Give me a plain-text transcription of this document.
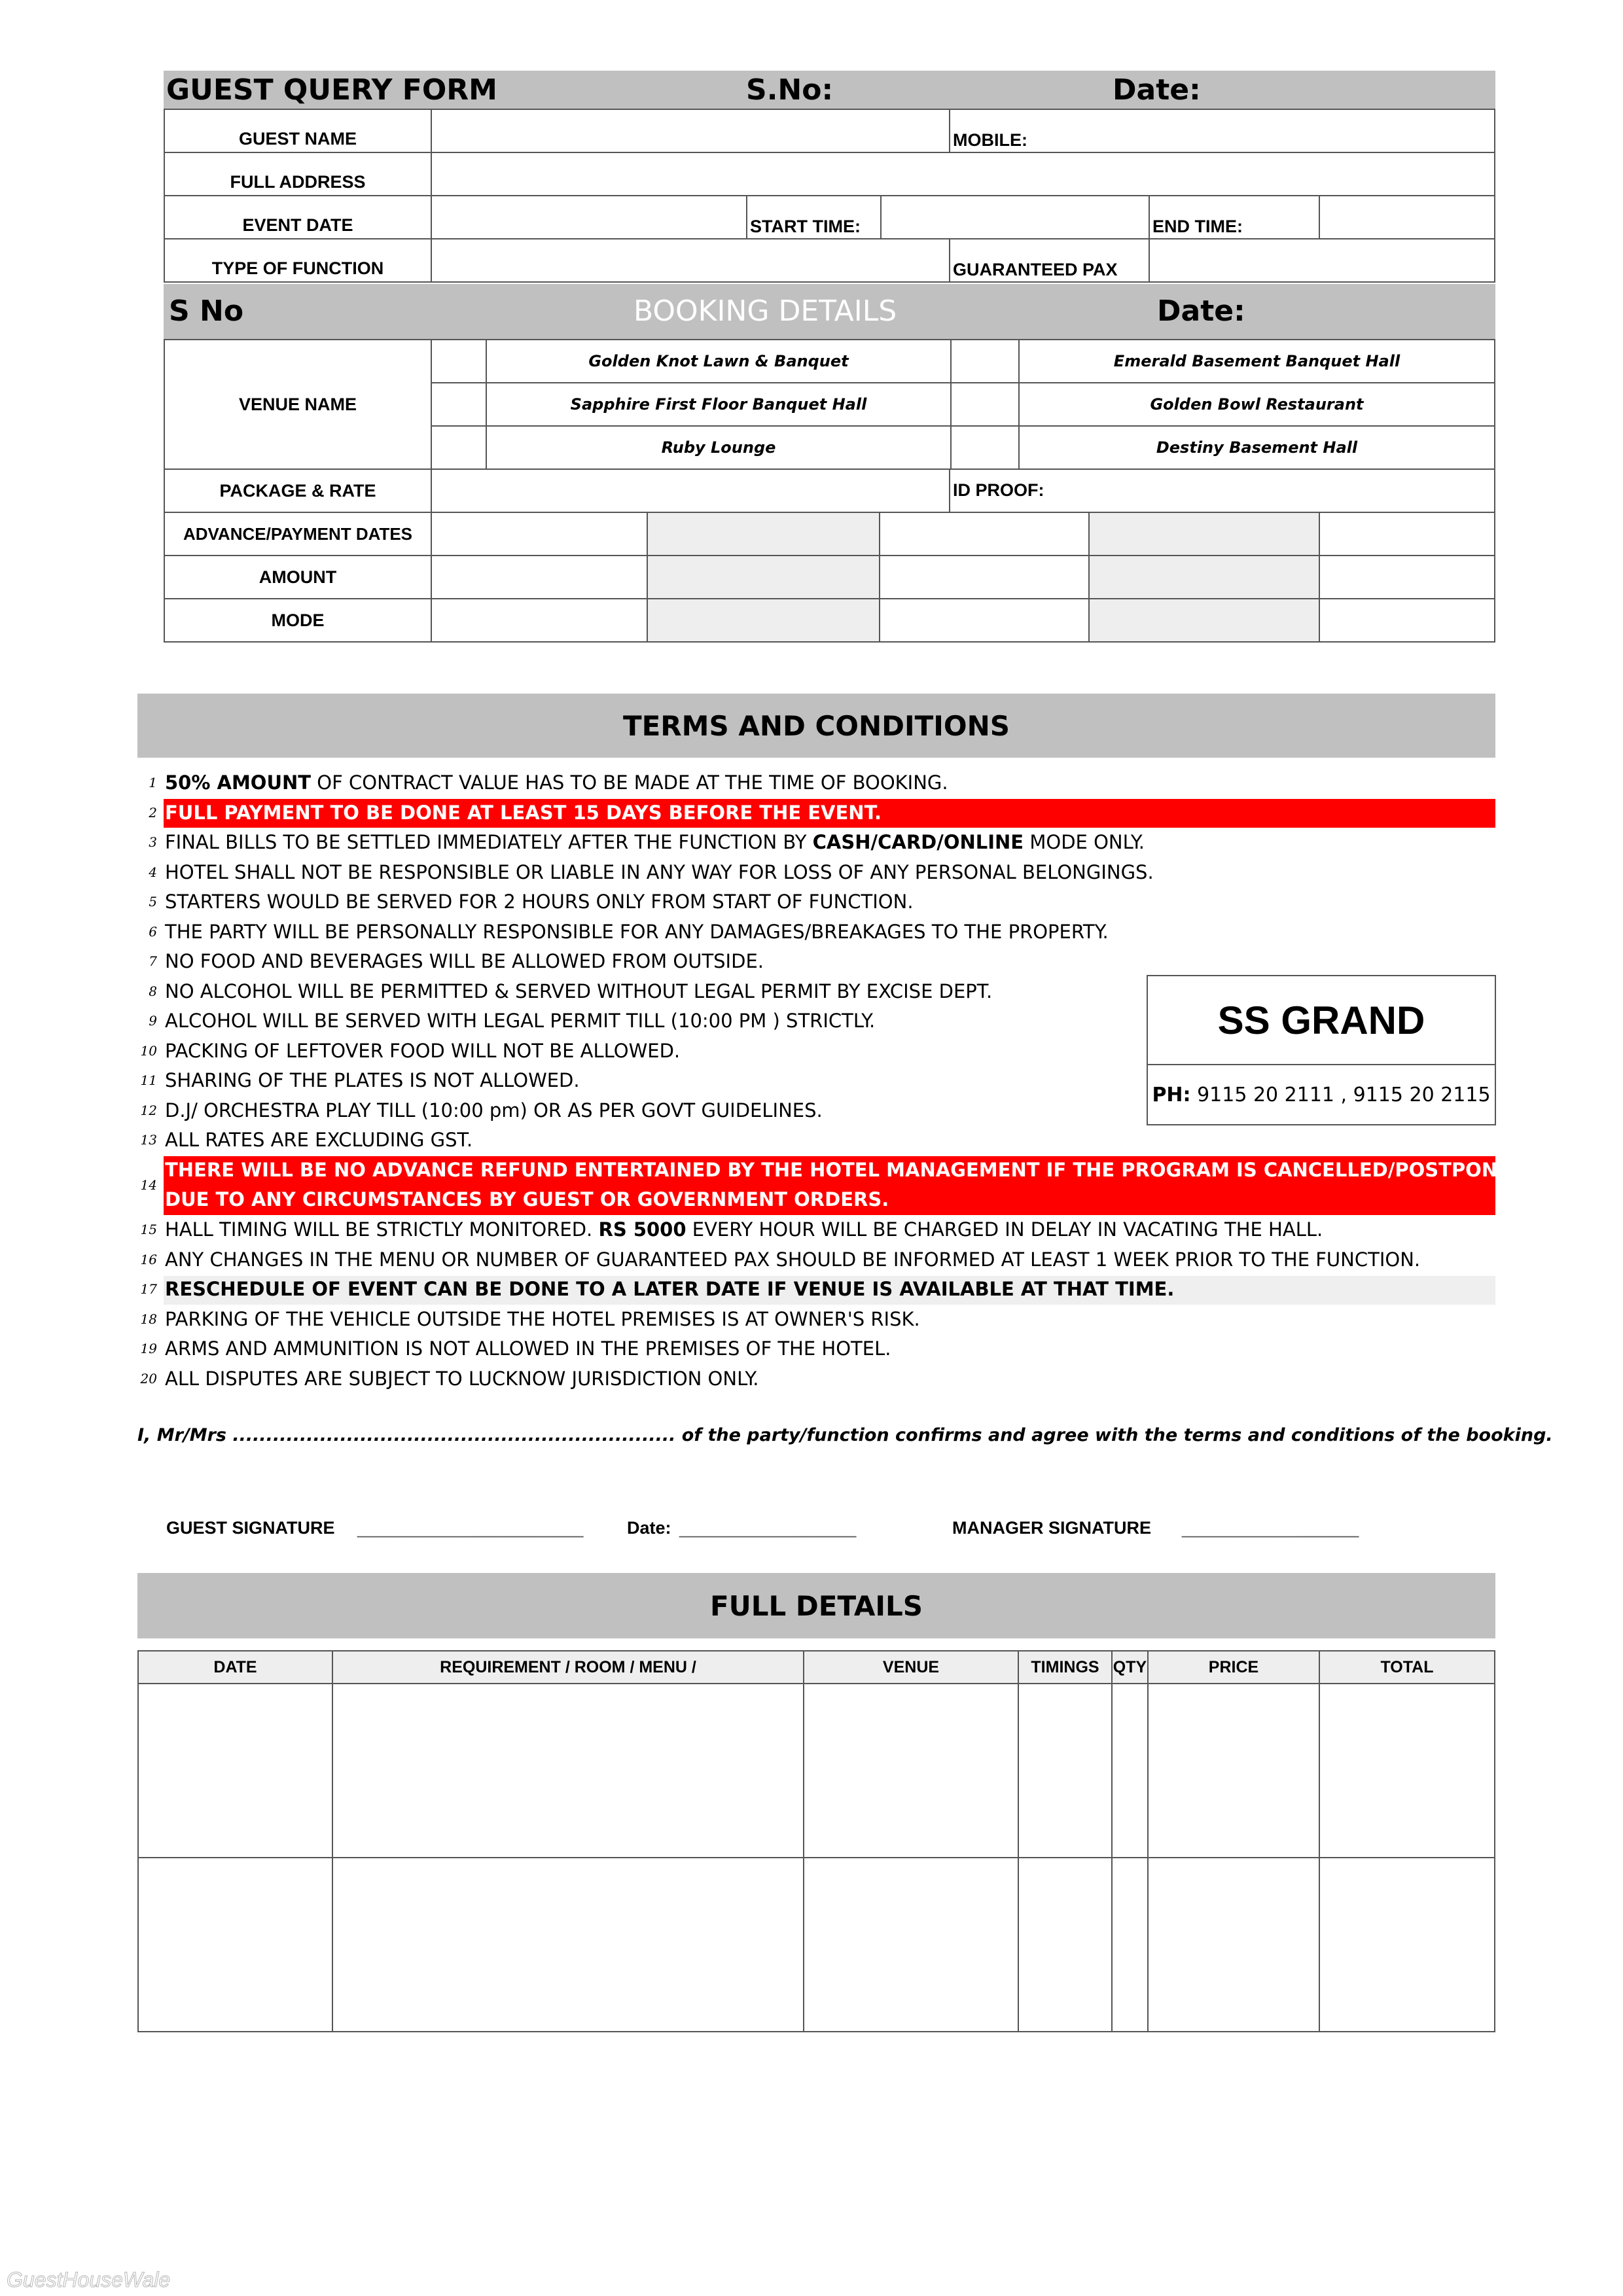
GUEST QUERY FORM	S.No:	Date:
GUEST NAME	MOBILE:
FULL ADDRESS
EVENT DATE	START TIME:	END TIME:
TYPE OF FUNCTION	GUARANTEED PAX
S No	BOOKING DETAILS	Date:
VENUE NAME
Golden Knot Lawn & Banquet	Emerald Basement Banquet Hall
Sapphire First Floor Banquet Hall	Golden Bowl Restaurant
Ruby Lounge	Destiny Basement Hall
PACKAGE & RATE	ID PROOF:
ADVANCE/PAYMENT DATES
AMOUNT
MODE
TERMS AND CONDITIONS
1 50% AMOUNT OF CONTRACT VALUE HAS TO BE MADE AT THE TIME OF BOOKING.
2 FULL PAYMENT TO BE DONE AT LEAST 15 DAYS BEFORE THE EVENT.
3 FINAL BILLS TO BE SETTLED IMMEDIATELY AFTER THE FUNCTION BY CASH/CARD/ONLINE MODE ONLY.
4 HOTEL SHALL NOT BE RESPONSIBLE OR LIABLE IN ANY WAY FOR LOSS OF ANY PERSONAL BELONGINGS.
5 STARTERS WOULD BE SERVED FOR 2 HOURS ONLY FROM START OF FUNCTION.
6 THE PARTY WILL BE PERSONALLY RESPONSIBLE FOR ANY DAMAGES/BREAKAGES TO THE PROPERTY.
7 NO FOOD AND BEVERAGES WILL BE ALLOWED FROM OUTSIDE.
8 NO ALCOHOL WILL BE PERMITTED & SERVED WITHOUT LEGAL PERMIT BY EXCISE DEPT.
9 ALCOHOL WILL BE SERVED WITH LEGAL PERMIT TILL (10:00 PM ) STRICTLY.
10 PACKING OF LEFTOVER FOOD WILL NOT BE ALLOWED.
11 SHARING OF THE PLATES IS NOT ALLOWED.
12 D.J/ ORCHESTRA PLAY TILL (10:00 pm) OR AS PER GOVT GUIDELINES.
13 ALL RATES ARE EXCLUDING GST.
14
THERE WILL BE NO ADVANCE REFUND ENTERTAINED BY THE HOTEL MANAGEMENT IF THE PROGRAM IS CANCELLED/POSTPONED
DUE TO ANY CIRCUMSTANCES BY GUEST OR GOVERNMENT ORDERS.
15 HALL TIMING WILL BE STRICTLY MONITORED. RS 5000 EVERY HOUR WILL BE CHARGED IN DELAY IN VACATING THE HALL.
16 ANY CHANGES IN THE MENU OR NUMBER OF GUARANTEED PAX SHOULD BE INFORMED AT LEAST 1 WEEK PRIOR TO THE FUNCTION.
17 RESCHEDULE OF EVENT CAN BE DONE TO A LATER DATE IF VENUE IS AVAILABLE AT THAT TIME.
18 PARKING OF THE VEHICLE OUTSIDE THE HOTEL PREMISES IS AT OWNER'S RISK.
19 ARMS AND AMMUNITION IS NOT ALLOWED IN THE PREMISES OF THE HOTEL.
20 ALL DISPUTES ARE SUBJECT TO LUCKNOW JURISDICTION ONLY.
SS GRAND
PH: 9115 20 2111 , 9115 20 2115
I, Mr/Mrs .................................................................. of the party/function confirms and agree with the terms and conditions of the booking.
GUEST SIGNATURE _______________________ Date: __________________	MANAGER SIGNATURE __________________
FULL DETAILS
DATE	REQUIREMENT / ROOM / MENU /	VENUE	TIMINGS QTY	PRICE	TOTAL
GuestHouseWale
